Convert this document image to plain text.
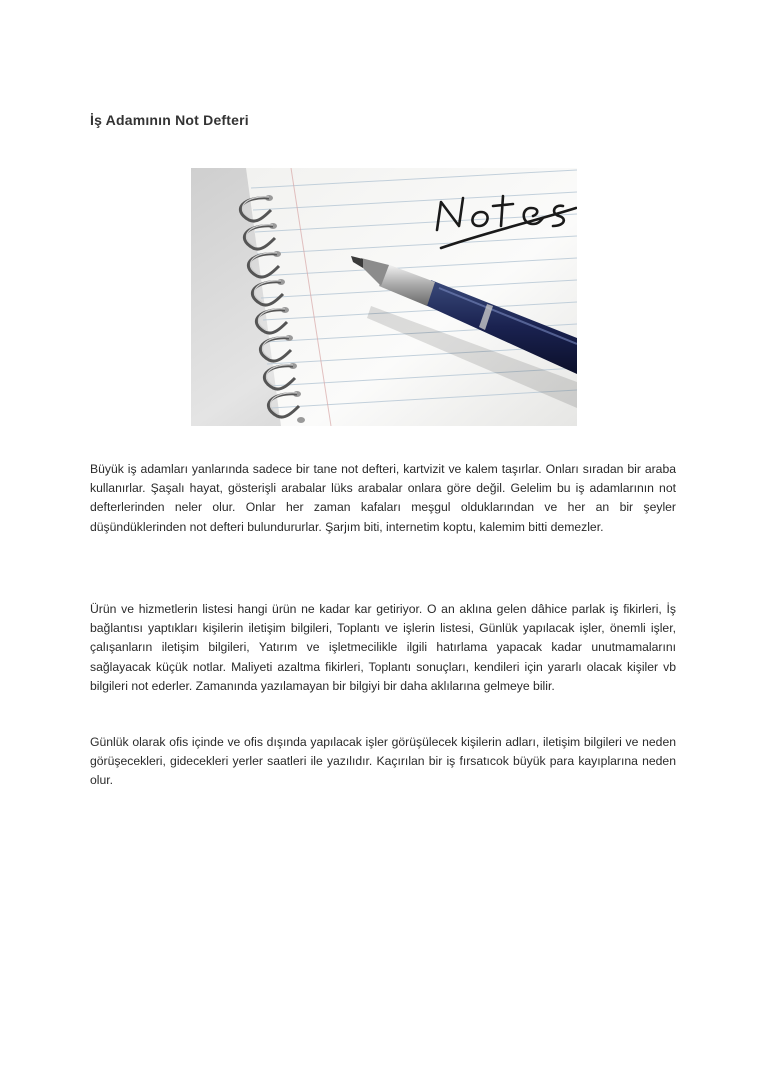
İş Adamının Not Defteri
Notes

Büyük iş adamları yanlarında sadece bir tane not defteri, kartvizit ve kalem taşırlar. Onları sıradan bir araba kullanırlar. Şaşalı hayat, gösterişli arabalar lüks arabalar onlara göre değil. Gelelim bu iş adamlarının not defterlerinden neler olur. Onlar her zaman kafaları meşgul olduklarından ve her an bir şeyler düşündüklerinden not defteri bulundururlar. Şarjım biti, internetim koptu, kalemim bitti demezler.

Ürün ve hizmetlerin listesi hangi ürün ne kadar kar getiriyor. O an aklına gelen dâhice parlak iş fikirleri, İş bağlantısı yaptıkları kişilerin iletişim bilgileri, Toplantı ve işlerin listesi, Günlük yapılacak işler, önemli işler, çalışanların iletişim bilgileri, Yatırım ve işletmecilikle ilgili hatırlama yapacak kadar unutmamalarını sağlayacak küçük notlar. Maliyeti azaltma fikirleri, Toplantı sonuçları, kendileri için yararlı olacak kişiler vb bilgileri not ederler. Zamanında yazılamayan bir bilgiyi bir daha aklılarına gelmeye bilir.

Günlük olarak ofis içinde ve ofis dışında yapılacak işler görüşülecek kişilerin adları, iletişim bilgileri ve neden görüşecekleri, gidecekleri yerler saatleri ile yazılıdır. Kaçırılan bir iş fırsatıcok büyük para kayıplarına neden olur.
